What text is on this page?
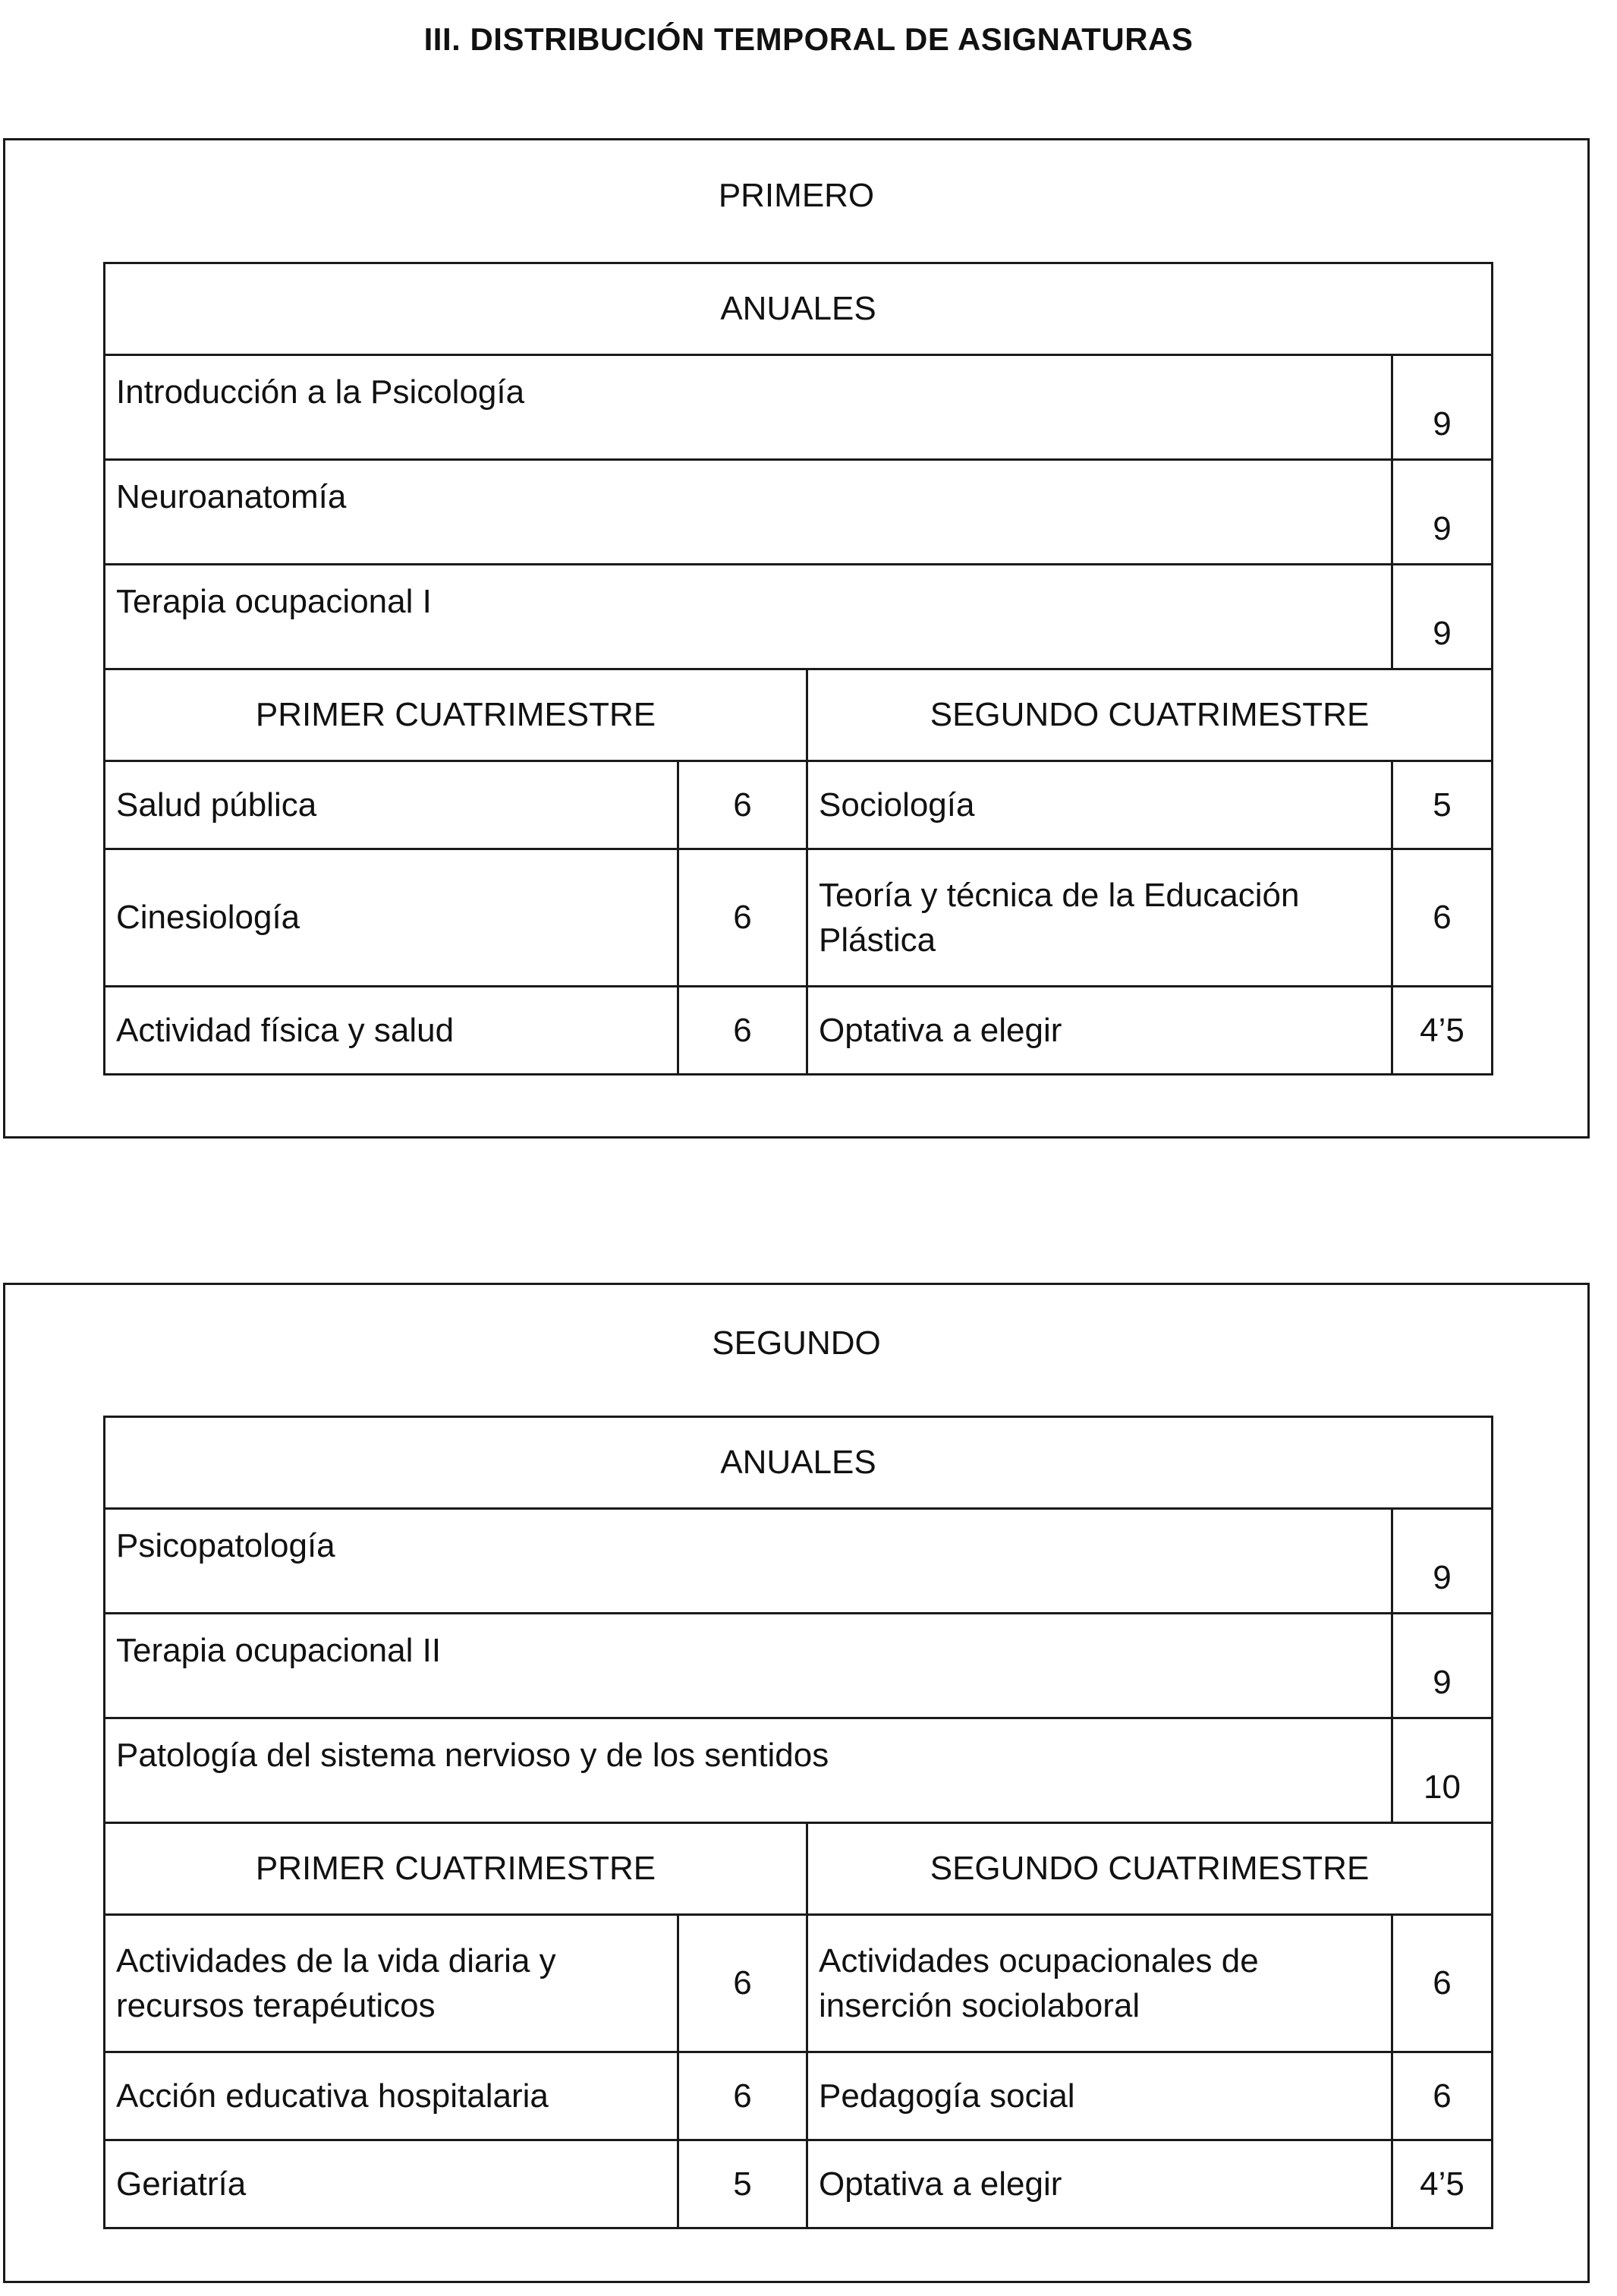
III. DISTRIBUCIÓN TEMPORAL DE ASIGNATURAS
PRIMERO
ANUALES			
Introducción a la Psicología			9
Neuroanatomía			9
Terapia ocupacional I			9
PRIMER CUATRIMESTRE		SEGUNDO CUATRIMESTRE	
Salud pública	6	Sociología	5
Cinesiología	6	Teoría y técnica de la Educación Plástica	6
Actividad física y salud	6	Optativa a elegir	4’5
SEGUNDO
ANUALES			
Psicopatología			9
Terapia ocupacional II			9
Patología del sistema nervioso y de los sentidos			10
PRIMER CUATRIMESTRE		SEGUNDO CUATRIMESTRE	
Actividades de la vida diaria y recursos terapéuticos	6	Actividades ocupacionales de inserción sociolaboral	6
Acción educativa hospitalaria	6	Pedagogía social	6
Geriatría	5	Optativa a elegir	4’5
